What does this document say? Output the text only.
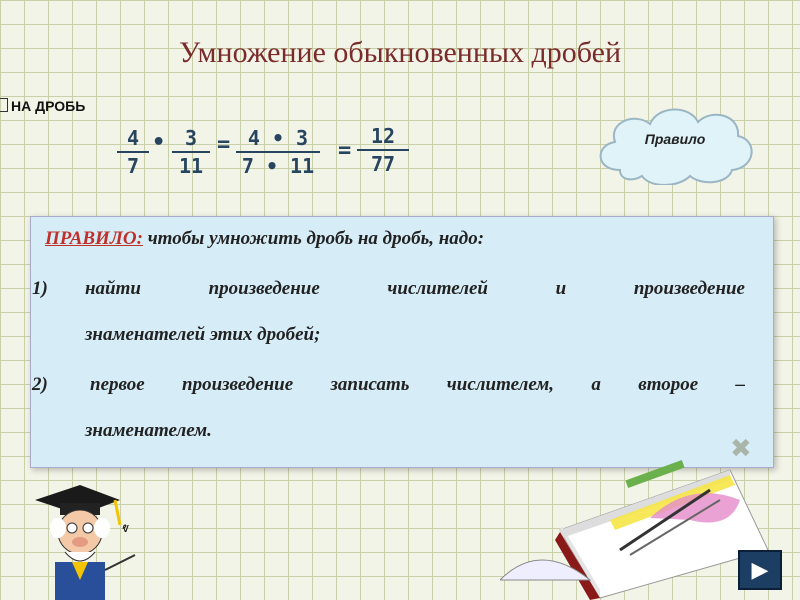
Умножение обыкновенных дробей
НА ДРОБЬ
4
7
• 3
11
= 4 • 3
7 • 11
=
12
77
Правило
ПРАВИЛО: чтобы умножить дробь на дробь, надо:
1) найти произведение числителей и произведение
знаменателей этих дробей;
2) первое произведение записать числителем, а второе –
знаменателем.
✖
ⱴ
▶
